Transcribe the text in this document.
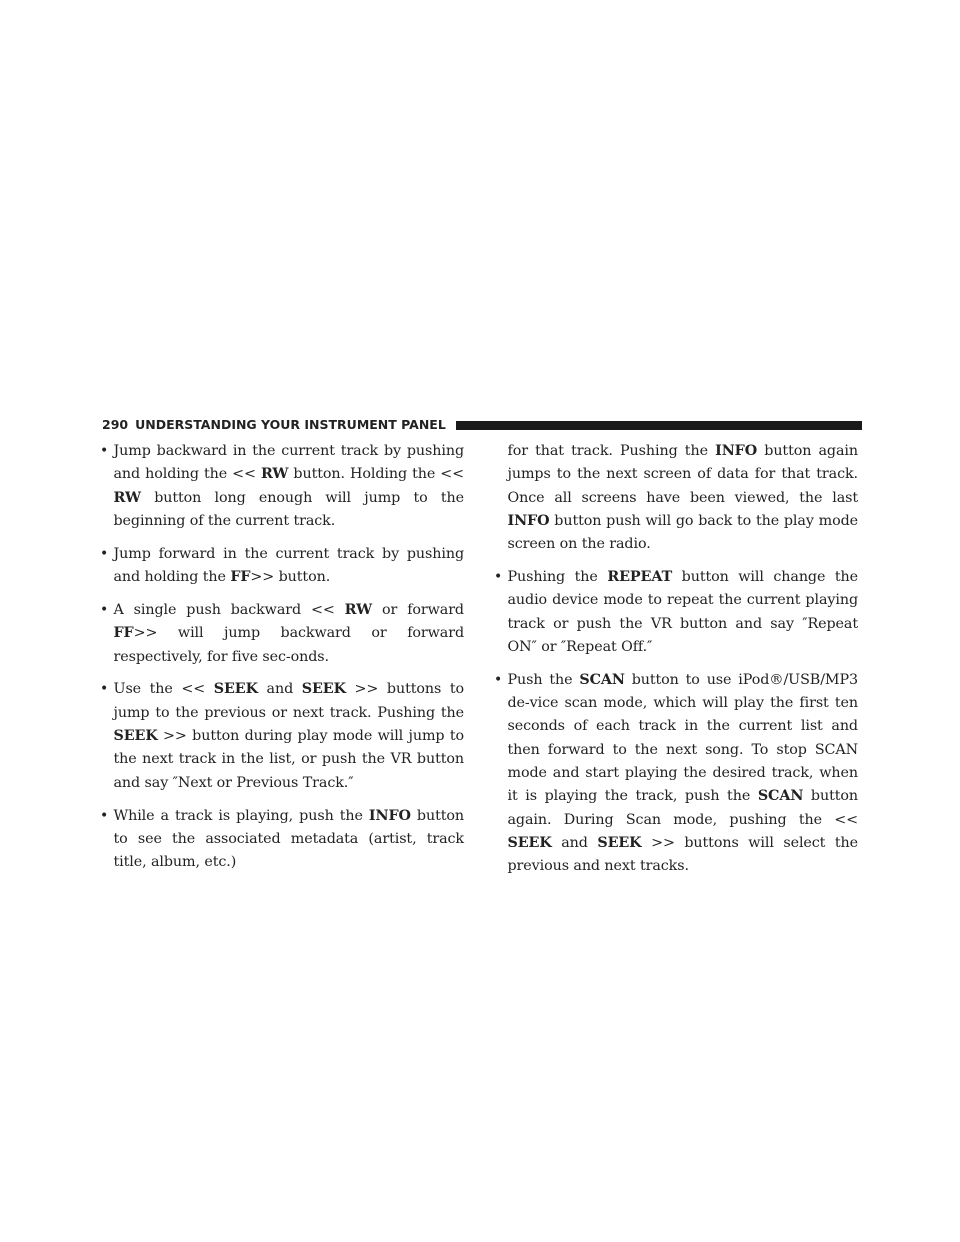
290 UNDERSTANDING YOUR INSTRUMENT PANEL
• Jump backward in the current track by pushing and holding the << RW button. Holding the << RW button long enough will jump to the beginning of the current track.
• Jump forward in the current track by pushing and holding the FF>> button.
• A single push backward << RW or forward FF>> will jump backward or forward respectively, for five sec-onds.
• Use the << SEEK and SEEK >> buttons to jump to the previous or next track. Pushing the SEEK >> button during play mode will jump to the next track in the list, or push the VR button and say ″Next or Previous Track.″
• While a track is playing, push the INFO button to see the associated metadata (artist, track title, album, etc.)
for that track. Pushing the INFO button again jumps to the next screen of data for that track. Once all screens have been viewed, the last INFO button push will go back to the play mode screen on the radio.
• Pushing the REPEAT button will change the audio device mode to repeat the current playing track or push the VR button and say ″Repeat ON″ or ″Repeat Off.″
• Push the SCAN button to use iPod®/USB/MP3 de-vice scan mode, which will play the first ten seconds of each track in the current list and then forward to the next song. To stop SCAN mode and start playing the desired track, when it is playing the track, push the SCAN button again. During Scan mode, pushing the << SEEK and SEEK >> buttons will select the previous and next tracks.
